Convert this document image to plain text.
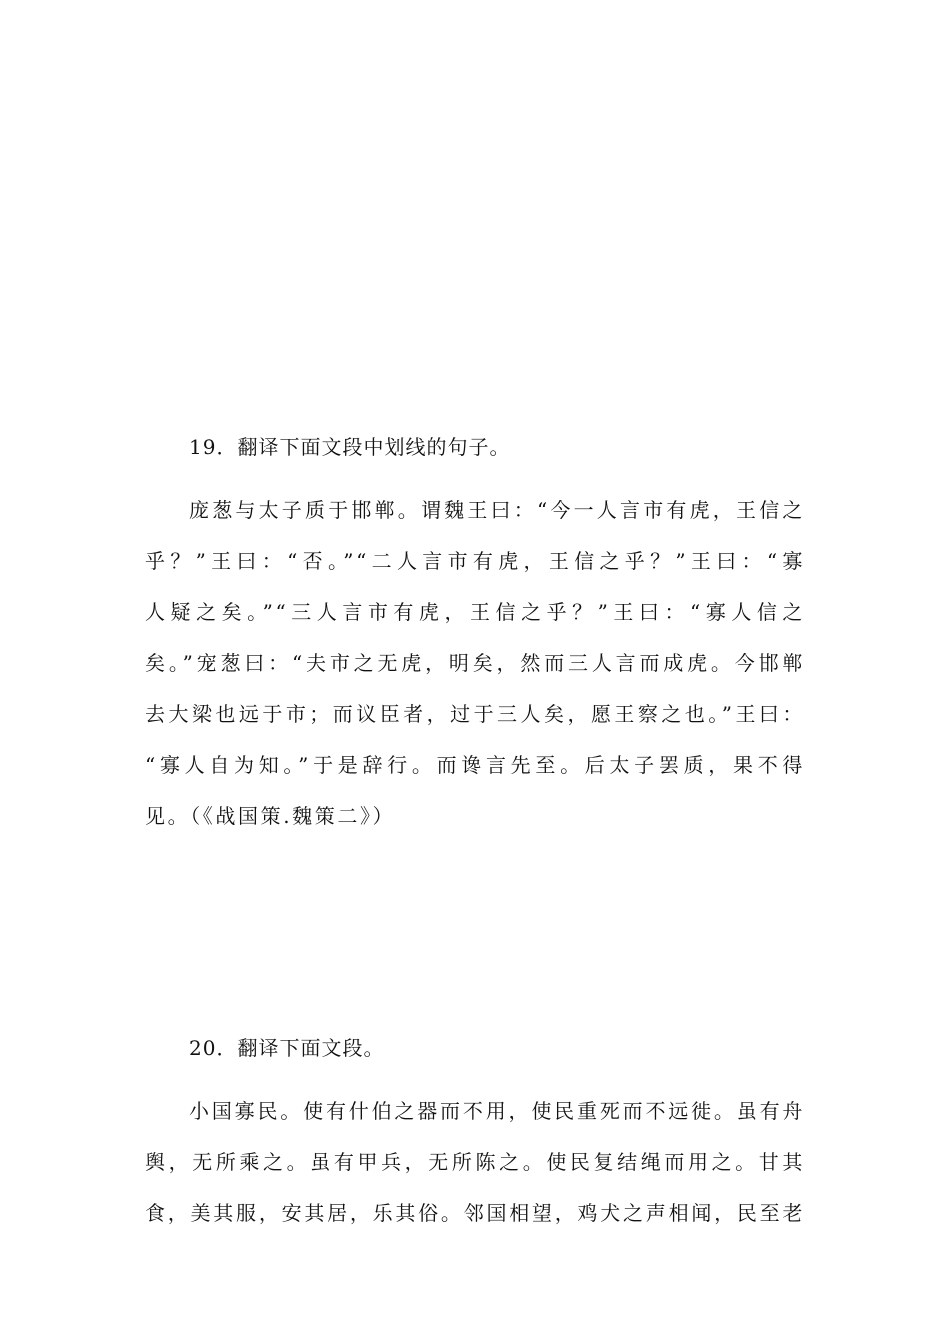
19．翻译下面文段中划线的句子。

庞葱与太子质于邯郸。谓魏王曰：“今一人言市有虎，王信之
乎？”王曰：“否。”“二人言市有虎，王信之乎？”王曰：“寡
人疑之矣。”“三人言市有虎，王信之乎？”王曰：“寡人信之
矣。”宠葱曰：“夫市之无虎，明矣，然而三人言而成虎。今邯郸
去大梁也远于市；而议臣者，过于三人矣，愿王察之也。”王曰：
“寡人自为知。”于是辞行。而谗言先至。后太子罢质，果不得
见。（《战国策.魏策二》）

20．翻译下面文段。

小国寡民。使有什伯之器而不用，使民重死而不远徙。虽有舟
舆，无所乘之。虽有甲兵，无所陈之。使民复结绳而用之。甘其
食，美其服，安其居，乐其俗。邻国相望，鸡犬之声相闻，民至老
